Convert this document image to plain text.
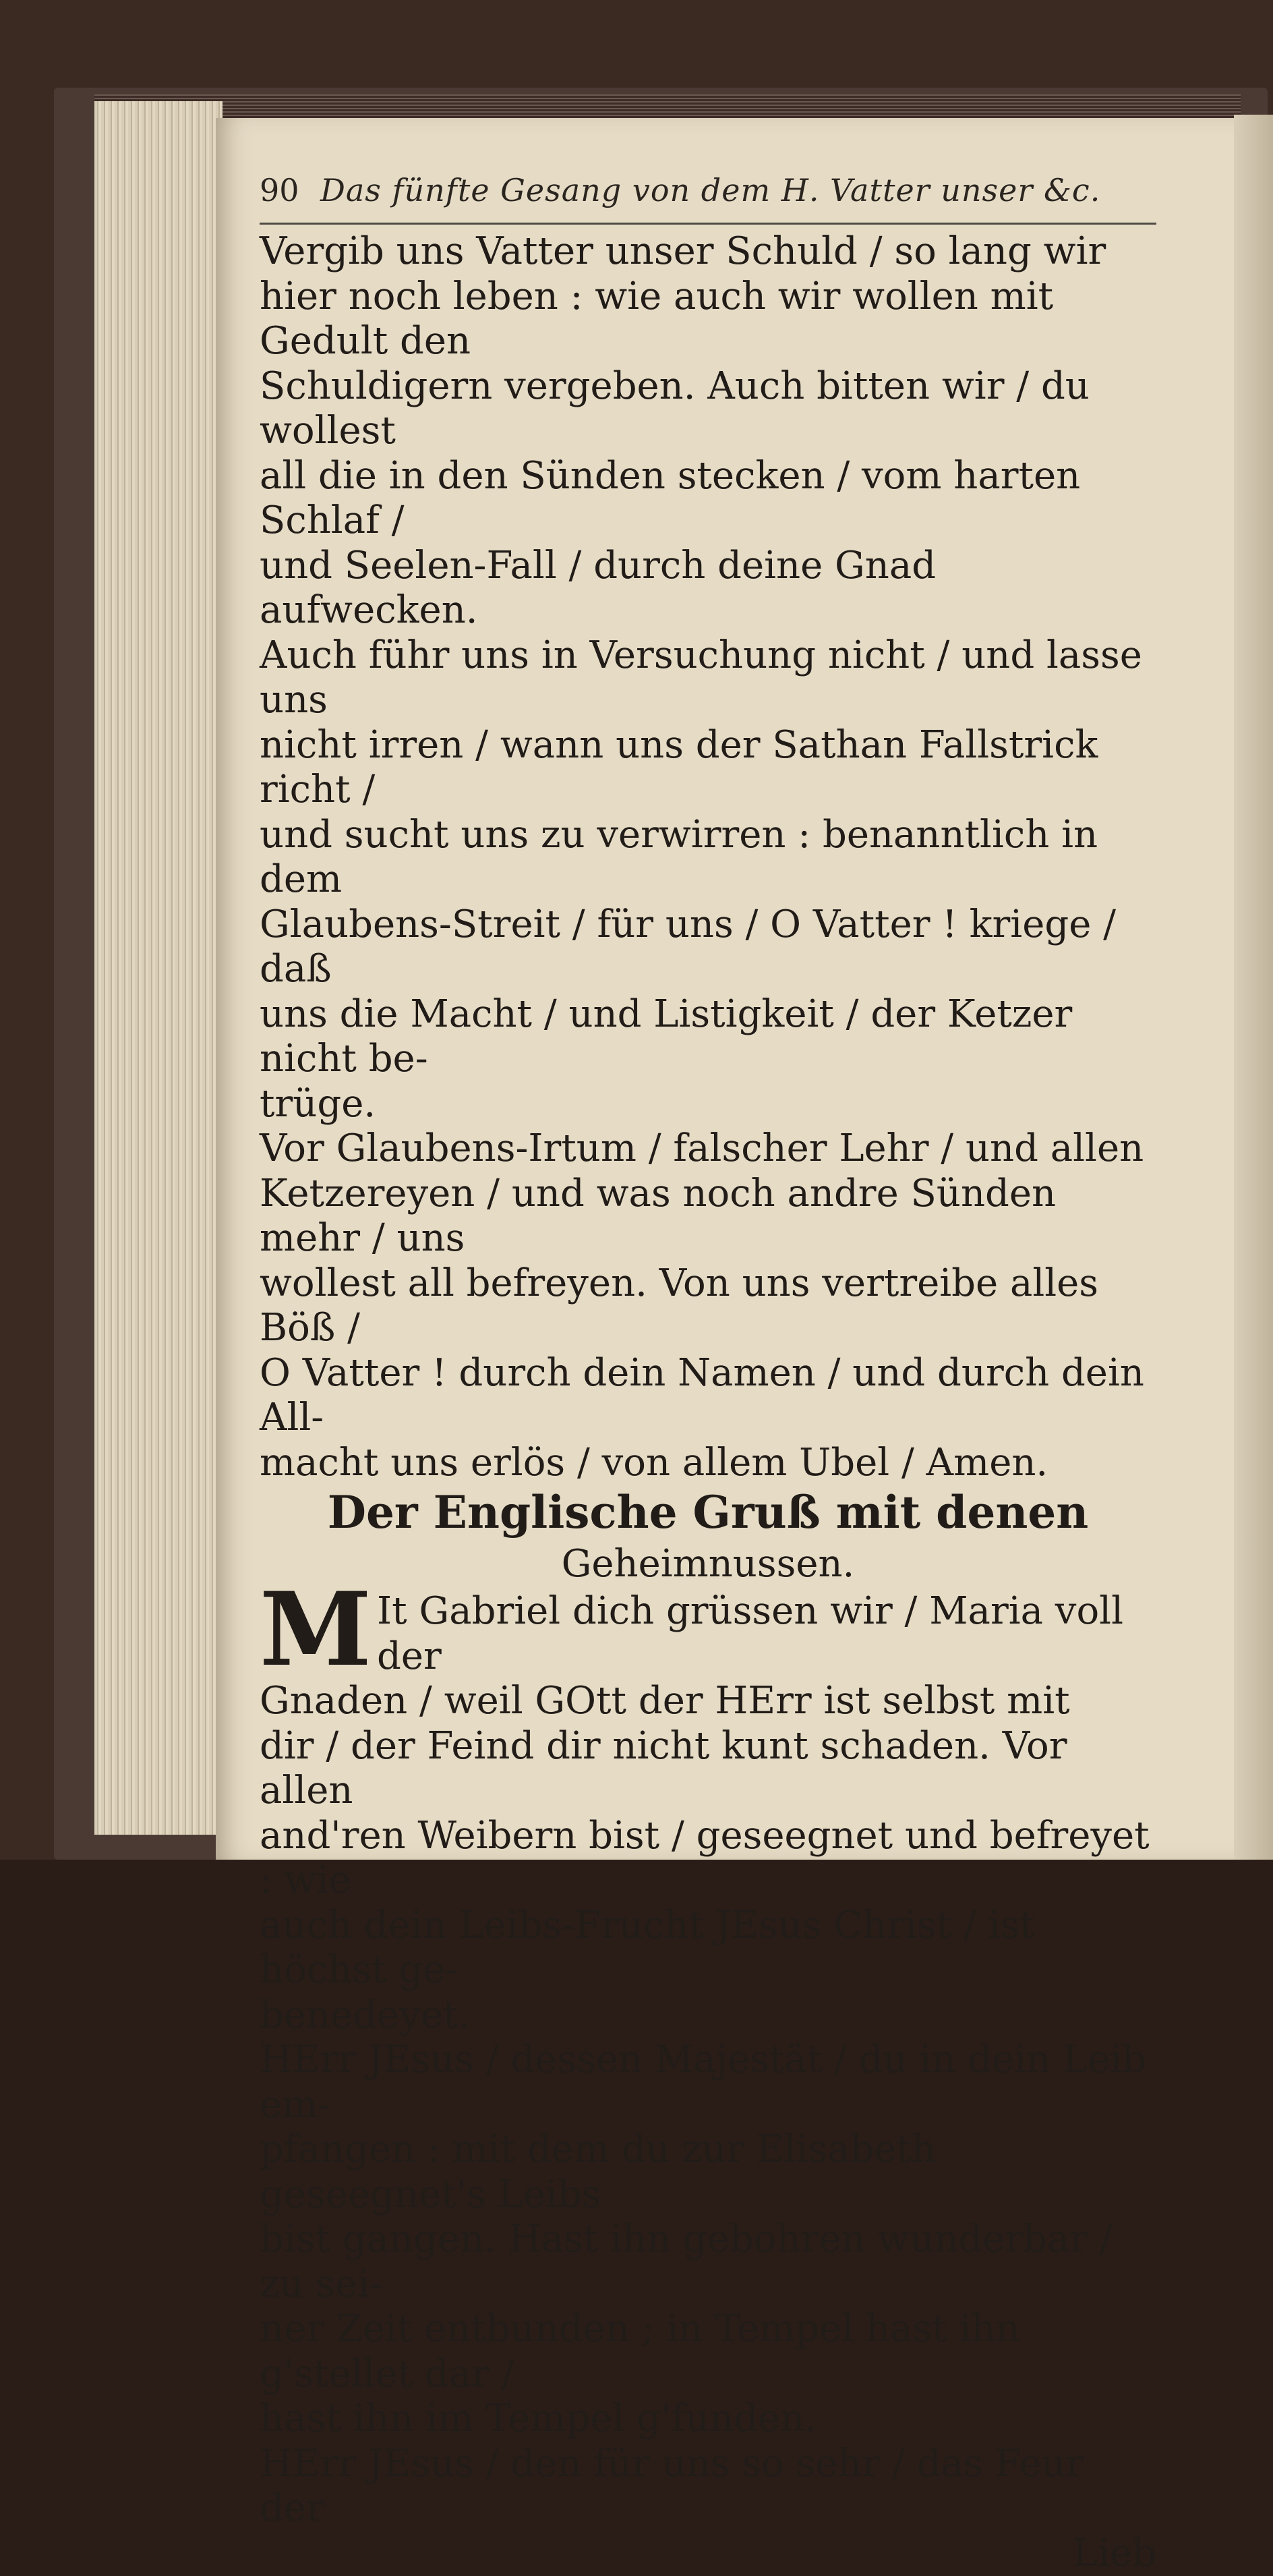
90 Das fünfte Gesang von dem H. Vatter unser &c.
Vergib uns Vatter unser Schuld / so lang wir
hier noch leben : wie auch wir wollen mit Gedult den
Schuldigern vergeben. Auch bitten wir / du wollest
all die in den Sünden stecken / vom harten Schlaf /
und Seelen-Fall / durch deine Gnad aufwecken.
Auch führ uns in Versuchung nicht / und lasse uns
nicht irren / wann uns der Sathan Fallstrick richt /
und sucht uns zu verwirren : benanntlich in dem
Glaubens-Streit / für uns / O Vatter ! kriege / daß
uns die Macht / und Listigkeit / der Ketzer nicht be-
trüge.
Vor Glaubens-Irtum / falscher Lehr / und allen
Ketzereyen / und was noch andre Sünden mehr / uns
wollest all befreyen. Von uns vertreibe alles Böß /
O Vatter ! durch dein Namen / und durch dein All-
macht uns erlös / von allem Ubel / Amen.

Der Englische Gruß mit denen

Geheimnussen.

M It Gabriel dich grüssen wir / Maria voll der
Gnaden / weil GOtt der HErr ist selbst mit
dir / der Feind dir nicht kunt schaden. Vor allen
and'ren Weibern bist / geseegnet und befreyet : wie
auch dein Leibs-Frucht JEsus Christ / ist höchst ge-
benedeyet.
HErr JEsus / dessen Majestät / du in dein Leib em-
pfangen : mit dem du zur Elisabeth geseegnet's Leibs
bist gangen. Hast ihn gebohren wunderbar / zu sei-
ner Zeit entbunden ; in Tempel hast ihn g'stellet dar /
hast ihn im Tempel g'funden.
HErr JEsus / den für uns so sehr / das Feur der

Lieb
